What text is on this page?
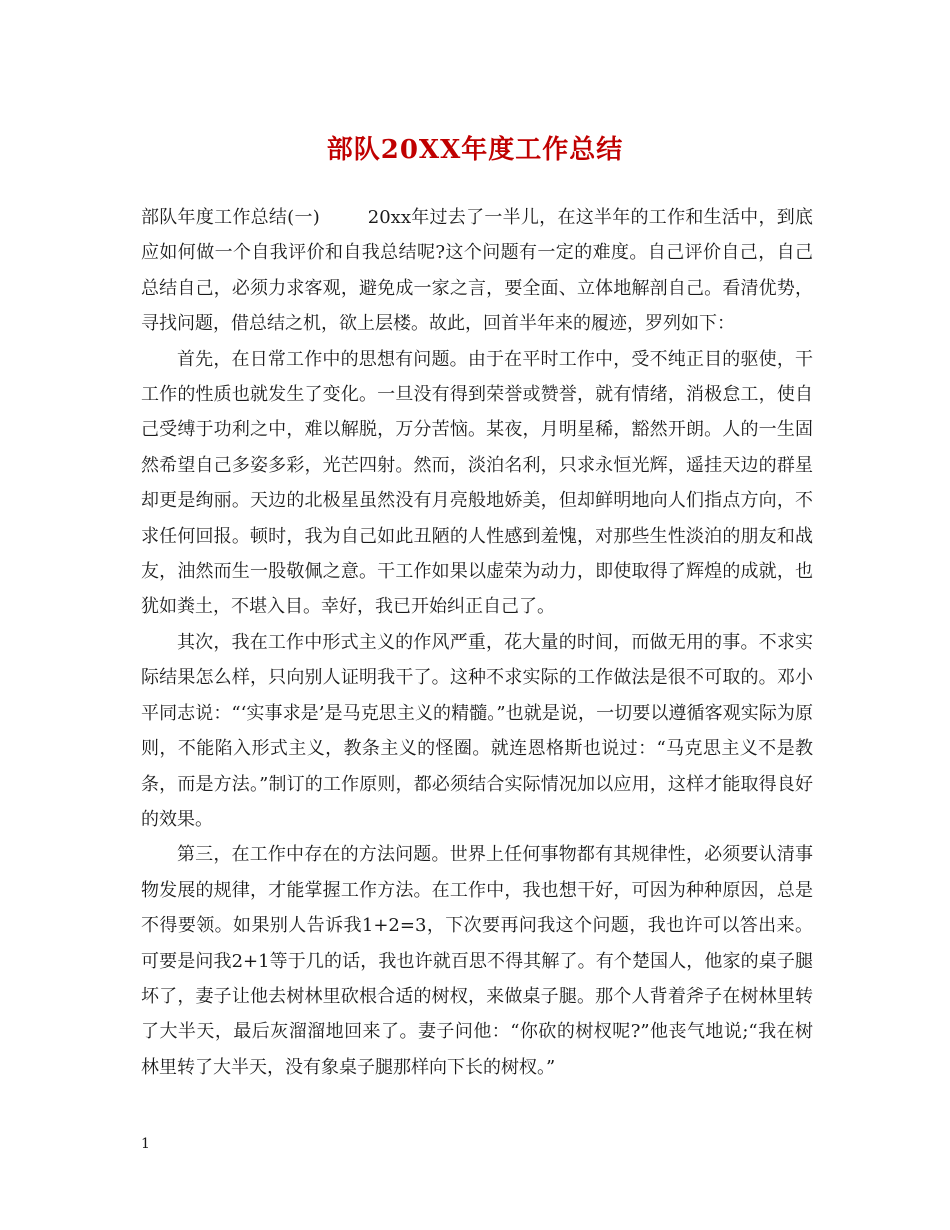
部队20XX年度工作总结

部队年度工作总结(一)	20xx年过去了一半儿，在这半年的工作和生活中，到底应如何做一个自我评价和自我总结呢?这个问题有一定的难度。自己评价自己，自己总结自己，必须力求客观，避免成一家之言，要全面、立体地解剖自己。看清优势，寻找问题，借总结之机，欲上层楼。故此，回首半年来的履迹，罗列如下：

首先，在日常工作中的思想有问题。由于在平时工作中，受不纯正目的驱使，干工作的性质也就发生了变化。一旦没有得到荣誉或赞誉，就有情绪，消极怠工，使自己受缚于功利之中，难以解脱，万分苦恼。某夜，月明星稀，豁然开朗。人的一生固然希望自己多姿多彩，光芒四射。然而，淡泊名利，只求永恒光辉，遥挂天边的群星却更是绚丽。天边的北极星虽然没有月亮般地娇美，但却鲜明地向人们指点方向，不求任何回报。顿时，我为自己如此丑陋的人性感到羞愧，对那些生性淡泊的朋友和战友，油然而生一股敬佩之意。干工作如果以虚荣为动力，即使取得了辉煌的成就，也犹如粪土，不堪入目。幸好，我已开始纠正自己了。

其次，我在工作中形式主义的作风严重，花大量的时间，而做无用的事。不求实际结果怎么样，只向别人证明我干了。这种不求实际的工作做法是很不可取的。邓小平同志说：“‘实事求是’是马克思主义的精髓。”也就是说，一切要以遵循客观实际为原则，不能陷入形式主义，教条主义的怪圈。就连恩格斯也说过：“马克思主义不是教条，而是方法。”制订的工作原则，都必须结合实际情况加以应用，这样才能取得良好的效果。

第三，在工作中存在的方法问题。世界上任何事物都有其规律性，必须要认清事物发展的规律，才能掌握工作方法。在工作中，我也想干好，可因为种种原因，总是不得要领。如果别人告诉我1+2=3，下次要再问我这个问题，我也许可以答出来。可要是问我2+1等于几的话，我也许就百思不得其解了。有个楚国人，他家的桌子腿坏了，妻子让他去树林里砍根合适的树杈，来做桌子腿。那个人背着斧子在树林里转了大半天，最后灰溜溜地回来了。妻子问他：“你砍的树杈呢?”他丧气地说;“我在树林里转了大半天，没有象桌子腿那样向下长的树杈。”

1
